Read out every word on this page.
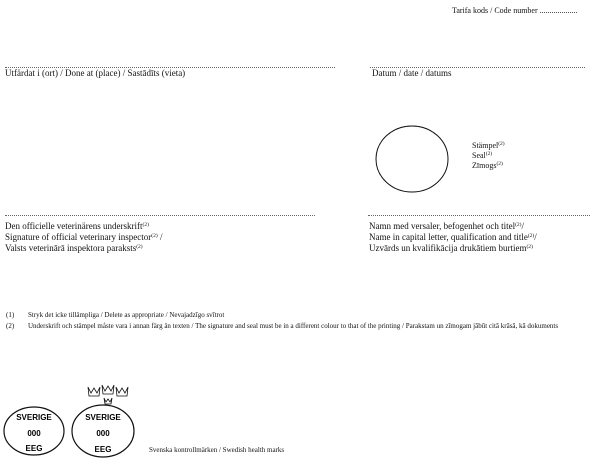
Tarifa kods / Code number ...................
Utfärdat i (ort) / Done at (place) / Sastādīts (vieta)	Datum / date / datums
Stämpel$^{(2)}$
Seal$^{(2)}$
Zīmogs$^{(2)}$
Den officielle veterinärens underskrift$^{(2)}$
Signature of official veterinary inspector$^{(2)}$ /
Valsts veterinārā inspektora paraksts$^{(2)}$
Namn med versaler, befogenhet och titel$^{(2)}$/
Name in capital letter, qualification and title$^{(2)}$/
Uzvārds un kvalifikācija drukātiem burtiem$^{(2)}$
(1)	Stryk det icke tillämpliga / Delete as appropriate / Nevajadzīgo svītrot
(2)	Underskrift och stämpel måste vara i annan färg än texten / The signature and seal must be in a different colour to that of the printing / Parakstam un zīmogam jābūt citā krāsā, kā dokuments
SVERIGE
000
EEG
SVERIGE
000
EEG	Svenska kontrollmärken / Swedish health marks
